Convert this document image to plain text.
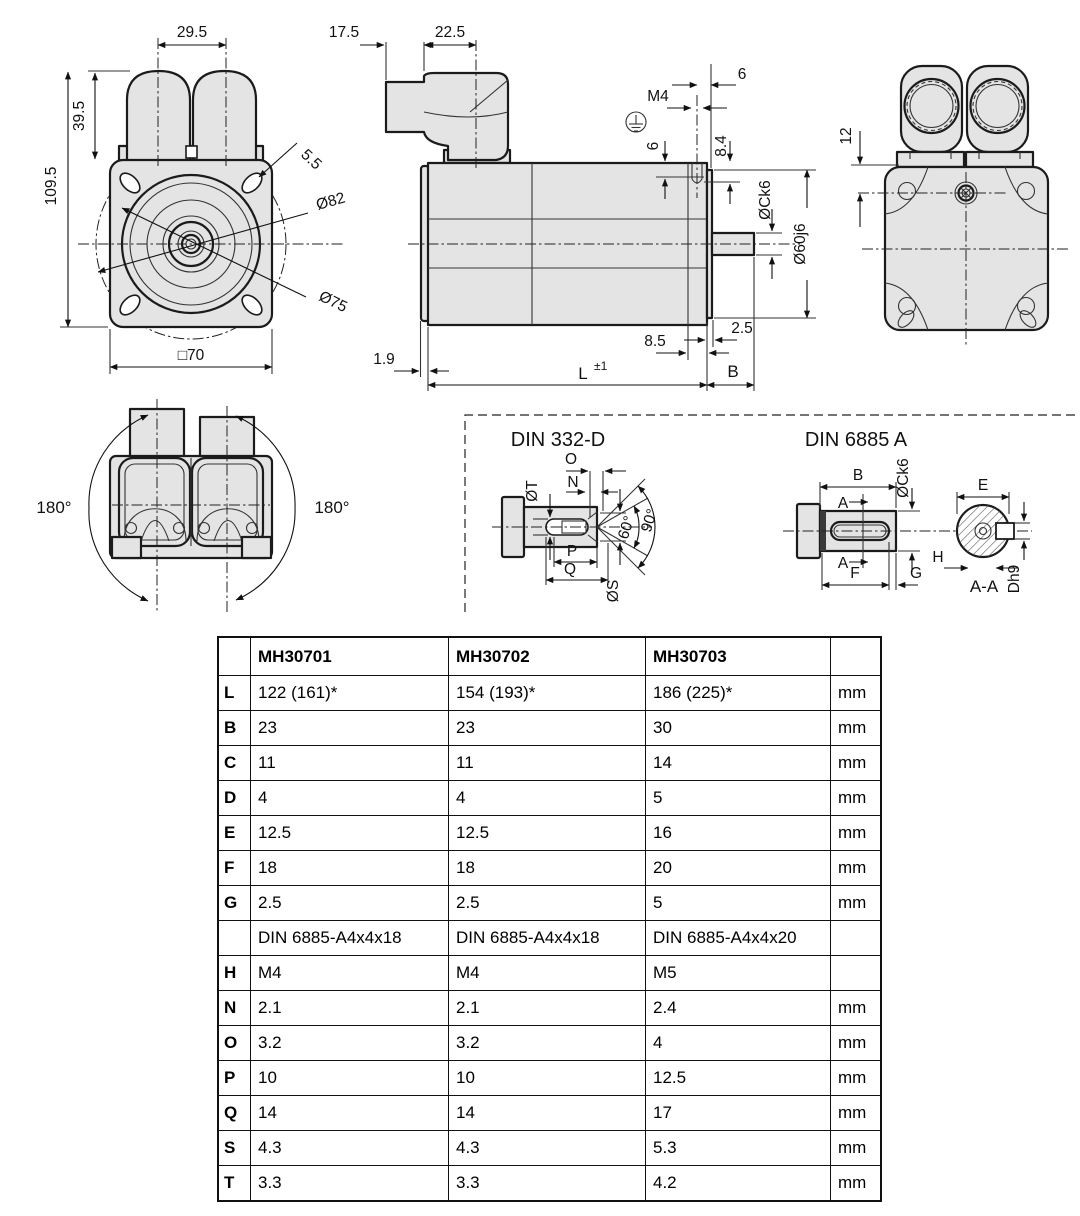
29.5
39.5
109.5
□70
5.5
Ø82
Ø75
17.5	22.5
6
M4
6	8.4
ØCk6
Ø60j6
8.5
2.5
1.9
L ±1	B
12
180°	180°
DIN 332-D
60° 90°
ØT
O
N
P
Q
ØS
DIN 6885 A
A
A
B ØCk6
F	G
E
H
Dh9
A-A
	MH30701	MH30702	MH30703	
L	122 (161)*	154 (193)*	186 (225)*	mm
B	23	23	30	mm
C	11	11	14	mm
D	4	4	5	mm
E	12.5	12.5	16	mm
F	18	18	20	mm
G	2.5	2.5	5	mm
	DIN 6885-A4x4x18	DIN 6885-A4x4x18	DIN 6885-A4x4x20	
H	M4	M4	M5	
N	2.1	2.1	2.4	mm
O	3.2	3.2	4	mm
P	10	10	12.5	mm
Q	14	14	17	mm
S	4.3	4.3	5.3	mm
T	3.3	3.3	4.2	mm
